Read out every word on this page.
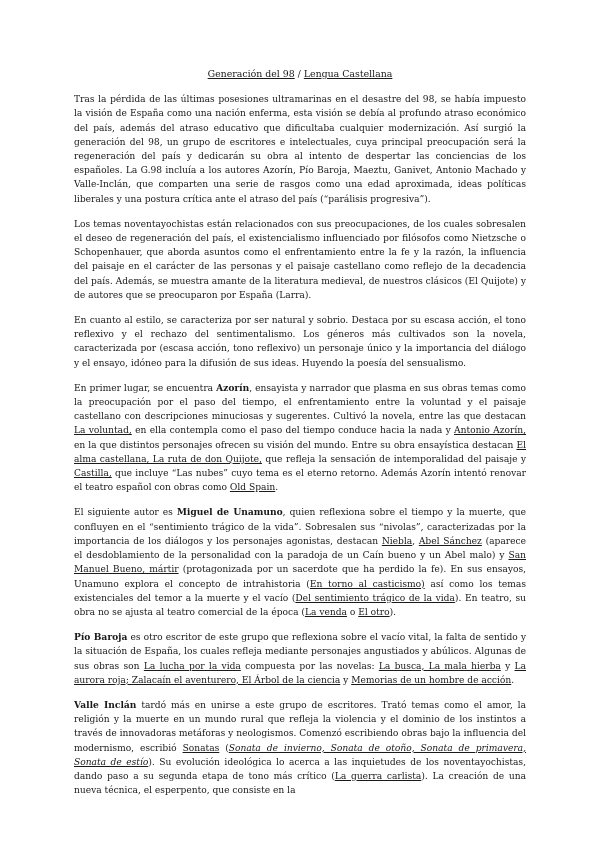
Generación del 98 / Lengua Castellana

Tras la pérdida de las últimas posesiones ultramarinas en el desastre del 98, se había impuesto la visión de España como una nación enferma, esta visión se debía al profundo atraso económico del país, además del atraso educativo que dificultaba cualquier modernización. Así surgió la generación del 98, un grupo de escritores e intelectuales, cuya principal preocupación será la regeneración del país y dedicarán su obra al intento de despertar las conciencias de los españoles. La G.98 incluía a los autores Azorín, Pío Baroja, Maeztu, Ganivet, Antonio Machado y Valle-Inclán, que comparten una serie de rasgos como una edad aproximada, ideas políticas liberales y una postura crítica ante el atraso del país (“parálisis progresiva”).

Los temas noventayochistas están relacionados con sus preocupaciones, de los cuales sobresalen el deseo de regeneración del país, el existencialismo influenciado por filósofos como Nietzsche o Schopenhauer, que aborda asuntos como el enfrentamiento entre la fe y la razón, la influencia del paisaje en el carácter de las personas y el paisaje castellano como reflejo de la decadencia del país. Además, se muestra amante de la literatura medieval, de nuestros clásicos (El Quijote) y de autores que se preocuparon por España (Larra).

En cuanto al estilo, se caracteriza por ser natural y sobrio. Destaca por su escasa acción, el tono reflexivo y el rechazo del sentimentalismo. Los géneros más cultivados son la novela, caracterizada por (escasa acción, tono reflexivo) un personaje único y la importancia del diálogo y el ensayo, idóneo para la difusión de sus ideas. Huyendo la poesía del sensualismo.

En primer lugar, se encuentra Azorín, ensayista y narrador que plasma en sus obras temas como la preocupación por el paso del tiempo, el enfrentamiento entre la voluntad y el paisaje castellano con descripciones minuciosas y sugerentes. Cultivó la novela, entre las que destacan La voluntad, en ella contempla como el paso del tiempo conduce hacia la nada y Antonio Azorín, en la que distintos personajes ofrecen su visión del mundo. Entre su obra ensayística destacan El alma castellana, La ruta de don Quijote, que refleja la sensación de intemporalidad del paisaje y Castilla, que incluye “Las nubes” cuyo tema es el eterno retorno. Además Azorín intentó renovar el teatro español con obras como Old Spain.

El siguiente autor es Miguel de Unamuno, quien reflexiona sobre el tiempo y la muerte, que confluyen en el “sentimiento trágico de la vida”. Sobresalen sus “nivolas”, caracterizadas por la importancia de los diálogos y los personajes agonistas, destacan Niebla, Abel Sánchez (aparece el desdoblamiento de la personalidad con la paradoja de un Caín bueno y un Abel malo) y San Manuel Bueno, mártir (protagonizada por un sacerdote que ha perdido la fe). En sus ensayos, Unamuno explora el concepto de intrahistoria (En torno al casticismo) así como los temas existenciales del temor a la muerte y el vacío (Del sentimiento trágico de la vida). En teatro, su obra no se ajusta al teatro comercial de la época (La venda o El otro).

Pío Baroja es otro escritor de este grupo que reflexiona sobre el vacío vital, la falta de sentido y la situación de España, los cuales refleja mediante personajes angustiados y abúlicos. Algunas de sus obras son La lucha por la vida compuesta por las novelas: La busca, La mala hierba y La aurora roja; Zalacaín el aventurero, El Árbol de la ciencia y Memorias de un hombre de acción.

Valle Inclán tardó más en unirse a este grupo de escritores. Trató temas como el amor, la religión y la muerte en un mundo rural que refleja la violencia y el dominio de los instintos a través de innovadoras metáforas y neologismos. Comenzó escribiendo obras bajo la influencia del modernismo, escribió Sonatas (Sonata de invierno, Sonata de otoño, Sonata de primavera, Sonata de estío). Su evolución ideológica lo acerca a las inquietudes de los noventayochistas, dando paso a su segunda etapa de tono más crítico (La guerra carlista). La creación de una nueva técnica, el esperpento, que consiste en la
